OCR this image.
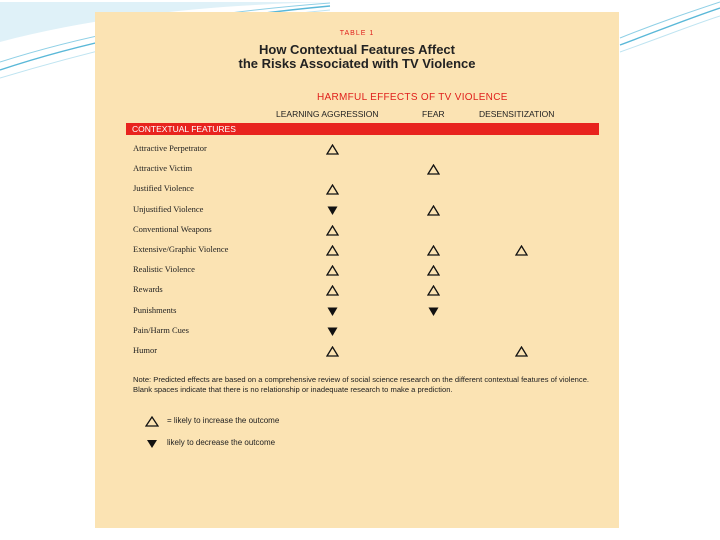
TABLE 1
How Contextual Features Affect
the Risks Associated with TV Violence
HARMFUL EFFECTS OF TV VIOLENCE
LEARNING AGGRESSION	FEAR	DESENSITIZATION
CONTEXTUAL FEATURES
Attractive Perpetrator
Attractive Victim
Justified Violence
Unjustified Violence
Conventional Weapons
Extensive/Graphic Violence
Realistic Violence
Rewards
Punishments
Pain/Harm Cues
Humor
Note: Predicted effects are based on a comprehensive review of social science research on the different contextual features of violence. Blank spaces indicate that there is no relationship or inadequate research to make a prediction.
= likely to increase the outcome
likely to decrease the outcome
